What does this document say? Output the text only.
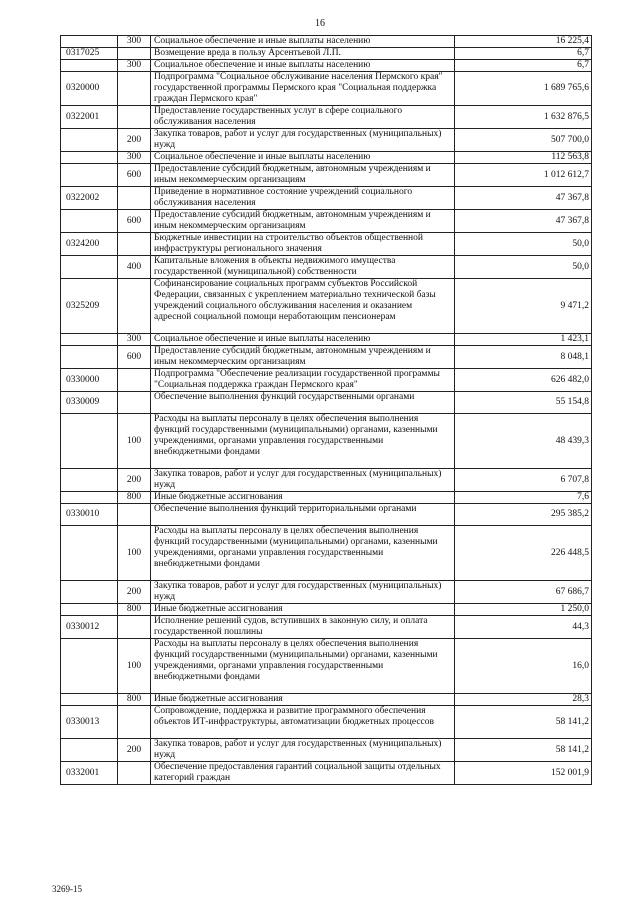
16
	300	Социальное обеспечение и иные выплаты населению	16 225,4
0317025		Возмещение вреда в пользу Арсентьевой Л.П.	6,7
	300	Социальное обеспечение и иные выплаты населению	6,7
0320000		Подпрограмма "Социальное обслуживание населения Пермского края" государственной программы Пермского края "Социальная поддержка граждан Пермского края"	1 689 765,6
0322001		Предоставление государственных услуг в сфере социального обслуживания населения	1 632 876,5
	200	Закупка товаров, работ и услуг для государственных (муниципальных) нужд	507 700,0
	300	Социальное обеспечение и иные выплаты населению	112 563,8
	600	Предоставление субсидий бюджетным, автономным учреждениям и иным некоммерческим организациям	1 012 612,7
0322002		Приведение в нормативное состояние учреждений социального обслуживания населения	47 367,8
	600	Предоставление субсидий бюджетным, автономным учреждениям и иным некоммерческим организациям	47 367,8
0324200		Бюджетные инвестиции на строительство объектов общественной инфраструктуры регионального значения	50,0
	400	Капитальные вложения в объекты недвижимого имущества государственной (муниципальной) собственности	50,0
0325209		Софинансирование социальных программ субъектов Российской Федерации, связанных с укреплением материально технической базы учреждений социального обслуживания населения и оказанием адресной социальной помощи неработающим пенсионерам	9 471,2
	300	Социальное обеспечение и иные выплаты населению	1 423,1
	600	Предоставление субсидий бюджетным, автономным учреждениям и иным некоммерческим организациям	8 048,1
0330000		Подпрограмма "Обеспечение реализации государственной программы "Социальная поддержка граждан Пермского края"	626 482,0
0330009		Обеспечение выполнения функций государственными органами	55 154,8
	100	Расходы на выплаты персоналу в целях обеспечения выполнения функций государственными (муниципальными) органами, казенными учреждениями, органами управления государственными внебюджетными фондами	48 439,3
	200	Закупка товаров, работ и услуг для государственных (муниципальных) нужд	6 707,8
	800	Иные бюджетные ассигнования	7,6
0330010		Обеспечение выполнения функций территориальными органами	295 385,2
	100	Расходы на выплаты персоналу в целях обеспечения выполнения функций государственными (муниципальными) органами, казенными учреждениями, органами управления государственными внебюджетными фондами	226 448,5
	200	Закупка товаров, работ и услуг для государственных (муниципальных) нужд	67 686,7
	800	Иные бюджетные ассигнования	1 250,0
0330012		Исполнение решений судов, вступивших в законную силу, и оплата государственной пошлины	44,3
	100	Расходы на выплаты персоналу в целях обеспечения выполнения функций государственными (муниципальными) органами, казенными учреждениями, органами управления государственными внебюджетными фондами	16,0
	800	Иные бюджетные ассигнования	28,3
0330013		Сопровождение, поддержка и развитие программного обеспечения объектов ИТ-инфраструктуры, автоматизации бюджетных процессов	58 141,2
	200	Закупка товаров, работ и услуг для государственных (муниципальных) нужд	58 141,2
0332001		Обеспечение предоставления гарантий социальной защиты отдельных категорий граждан	152 001,9
3269-15
